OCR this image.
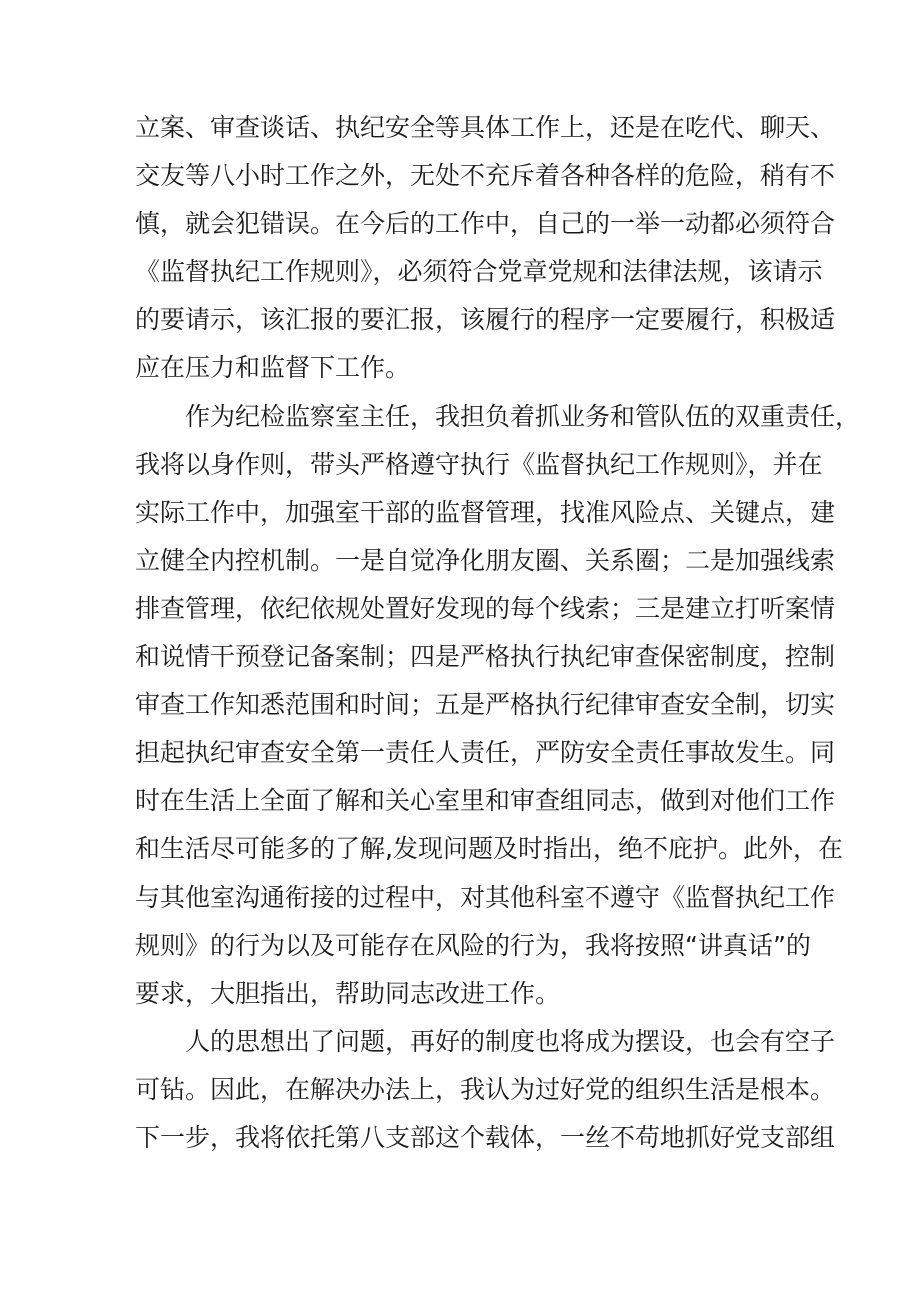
立案、审查谈话、执纪安全等具体工作上，还是在吃代、聊天、
交友等八小时工作之外，无处不充斥着各种各样的危险，稍有不
慎，就会犯错误。在今后的工作中，自己的一举一动都必须符合
《监督执纪工作规则》，必须符合党章党规和法律法规，该请示
的要请示，该汇报的要汇报，该履行的程序一定要履行，积极适
应在压力和监督下工作。
作为纪检监察室主任，我担负着抓业务和管队伍的双重责任，
我将以身作则，带头严格遵守执行《监督执纪工作规则》，并在
实际工作中，加强室干部的监督管理，找准风险点、关键点，建
立健全内控机制。一是自觉净化朋友圈、关系圈；二是加强线索
排查管理，依纪依规处置好发现的每个线索；三是建立打听案情
和说情干预登记备案制；四是严格执行执纪审查保密制度，控制
审查工作知悉范围和时间；五是严格执行纪律审查安全制，切实
担起执纪审查安全第一责任人责任，严防安全责任事故发生。同
时在生活上全面了解和关心室里和审查组同志，做到对他们工作
和生活尽可能多的了解,发现问题及时指出，绝不庇护。此外，在
与其他室沟通衔接的过程中，对其他科室不遵守《监督执纪工作
规则》的行为以及可能存在风险的行为，我将按照“讲真话”的
要求，大胆指出，帮助同志改进工作。
人的思想出了问题，再好的制度也将成为摆设，也会有空子
可钻。因此，在解决办法上，我认为过好党的组织生活是根本。
下一步，我将依托第八支部这个载体，一丝不苟地抓好党支部组
